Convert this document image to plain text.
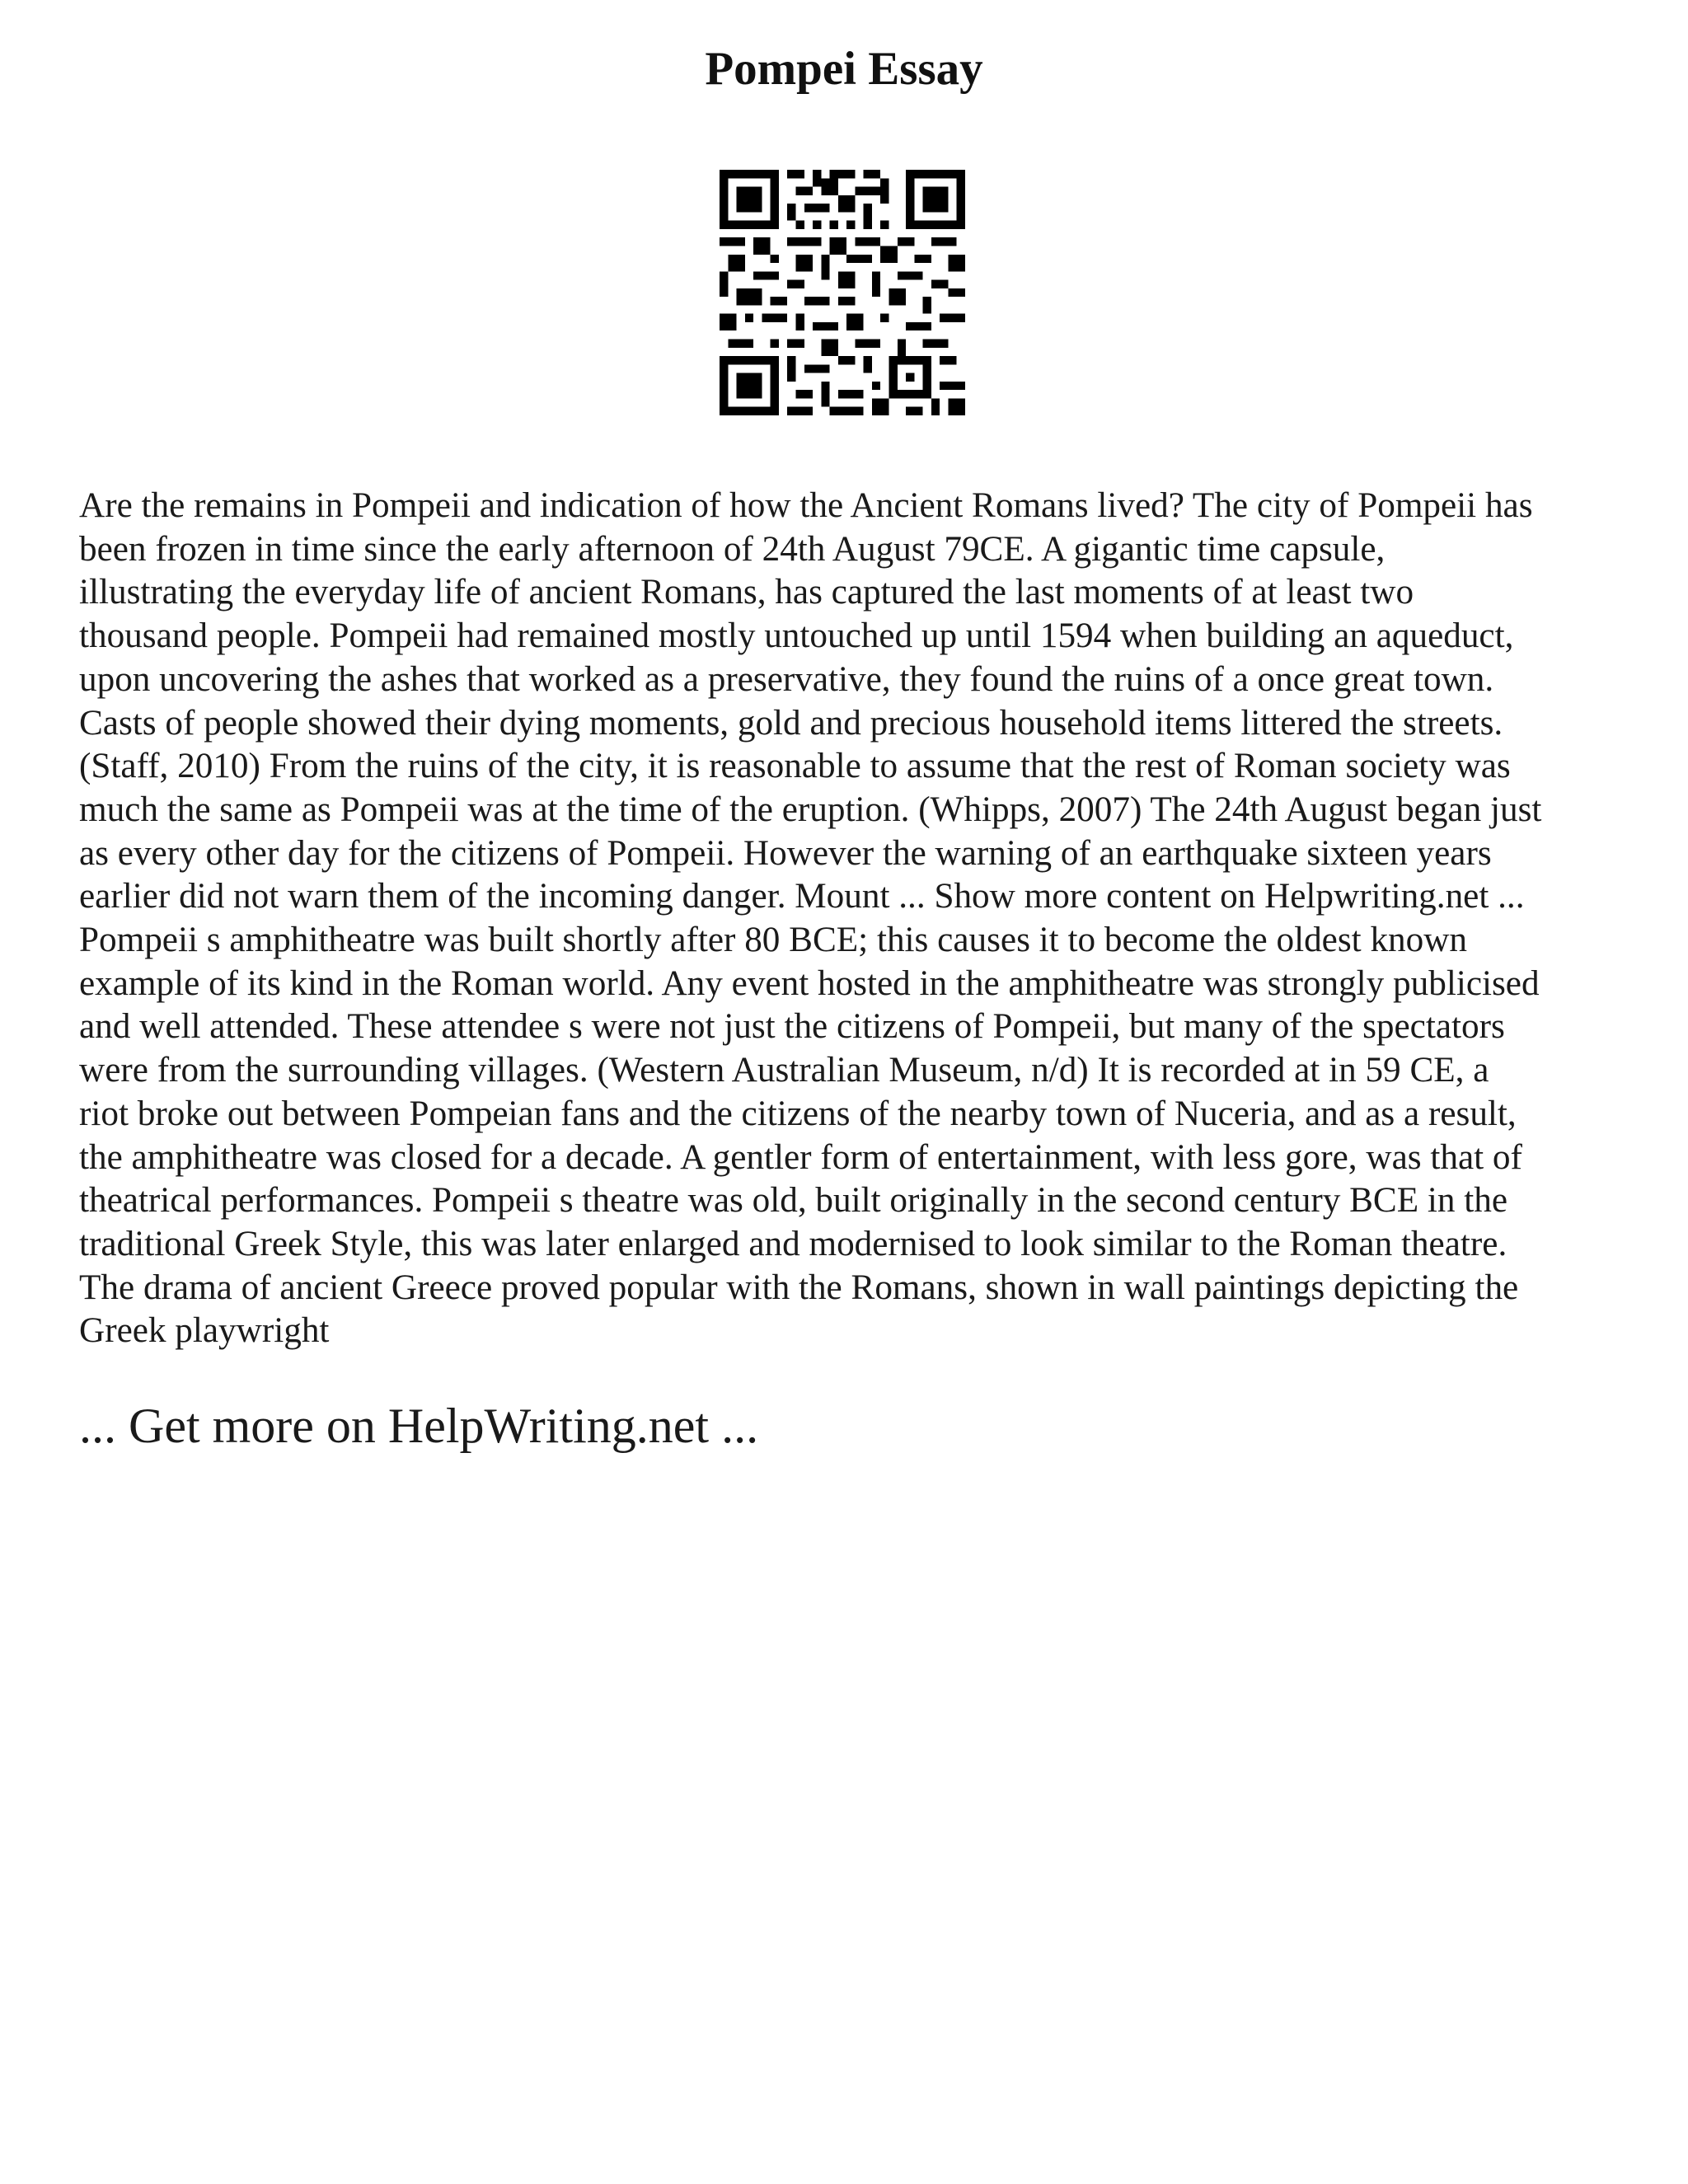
Pompei Essay
Are the remains in Pompeii and indication of how the Ancient Romans lived? The city of Pompeii has
been frozen in time since the early afternoon of 24th August 79CE. A gigantic time capsule,
illustrating the everyday life of ancient Romans, has captured the last moments of at least two
thousand people. Pompeii had remained mostly untouched up until 1594 when building an aqueduct,
upon uncovering the ashes that worked as a preservative, they found the ruins of a once great town.
Casts of people showed their dying moments, gold and precious household items littered the streets.
(Staff, 2010) From the ruins of the city, it is reasonable to assume that the rest of Roman society was
much the same as Pompeii was at the time of the eruption. (Whipps, 2007) The 24th August began just
as every other day for the citizens of Pompeii. However the warning of an earthquake sixteen years
earlier did not warn them of the incoming danger. Mount ... Show more content on Helpwriting.net ...
Pompeii s amphitheatre was built shortly after 80 BCE; this causes it to become the oldest known
example of its kind in the Roman world. Any event hosted in the amphitheatre was strongly publicised
and well attended. These attendee s were not just the citizens of Pompeii, but many of the spectators
were from the surrounding villages. (Western Australian Museum, n/d) It is recorded at in 59 CE, a
riot broke out between Pompeian fans and the citizens of the nearby town of Nuceria, and as a result,
the amphitheatre was closed for a decade. A gentler form of entertainment, with less gore, was that of
theatrical performances. Pompeii s theatre was old, built originally in the second century BCE in the
traditional Greek Style, this was later enlarged and modernised to look similar to the Roman theatre.
The drama of ancient Greece proved popular with the Romans, shown in wall paintings depicting the
Greek playwright
... Get more on HelpWriting.net ...
